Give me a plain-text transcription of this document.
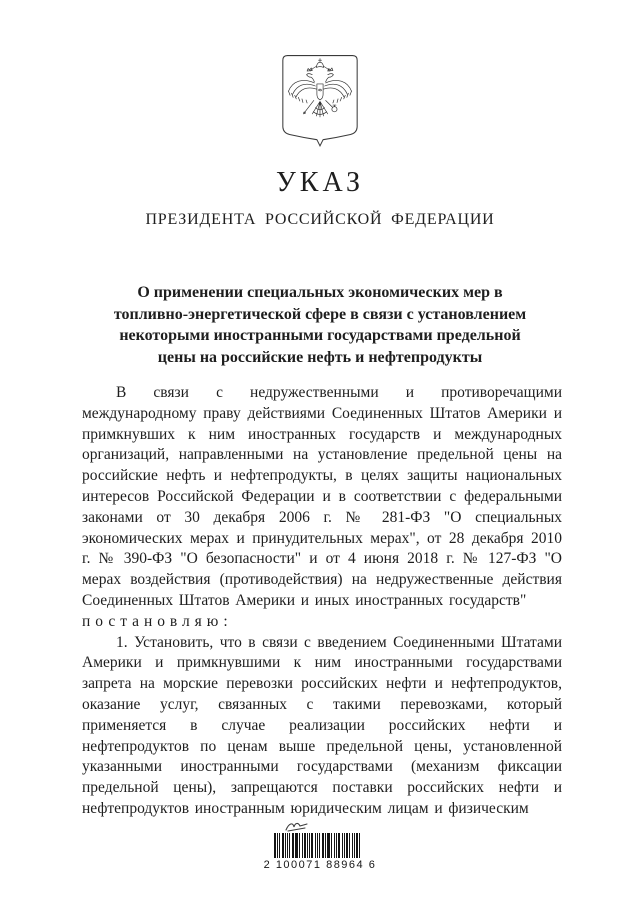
УКАЗ
ПРЕЗИДЕНТА РОССИЙСКОЙ ФЕДЕРАЦИИ
О применении специальных экономических мер в
топливно-энергетической сфере в связи с установлением
некоторыми иностранными государствами предельной
цены на российские нефть и нефтепродукты

В связи с недружественными и противоречащими международному праву действиями Соединенных Штатов Америки и примкнувших к ним иностранных государств и международных организаций, направленными на установление предельной цены на российские нефть и нефтепродукты, в целях защиты национальных интересов Российской Федерации и в соответствии с федеральными законами от 30 декабря 2006 г. № 281-ФЗ "О специальных экономических мерах и принудительных мерах", от 28 декабря 2010 г. № 390-ФЗ "О безопасности" и от 4 июня 2018 г. № 127-ФЗ "О мерах воздействия (противодействия) на недружественные действия Соединенных Штатов Америки и иных иностранных государств"

постановляю:

1. Установить, что в связи с введением Соединенными Штатами Америки и примкнувшими к ним иностранными государствами запрета на морские перевозки российских нефти и нефтепродуктов, оказание услуг, связанных с такими перевозками, который применяется в случае реализации российских нефти и нефтепродуктов по ценам выше предельной цены, установленной указанными иностранными государствами (механизм фиксации предельной цены), запрещаются поставки российских нефти и нефтепродуктов иностранным юридическим лицам и физическим

2 100071 88964 6
